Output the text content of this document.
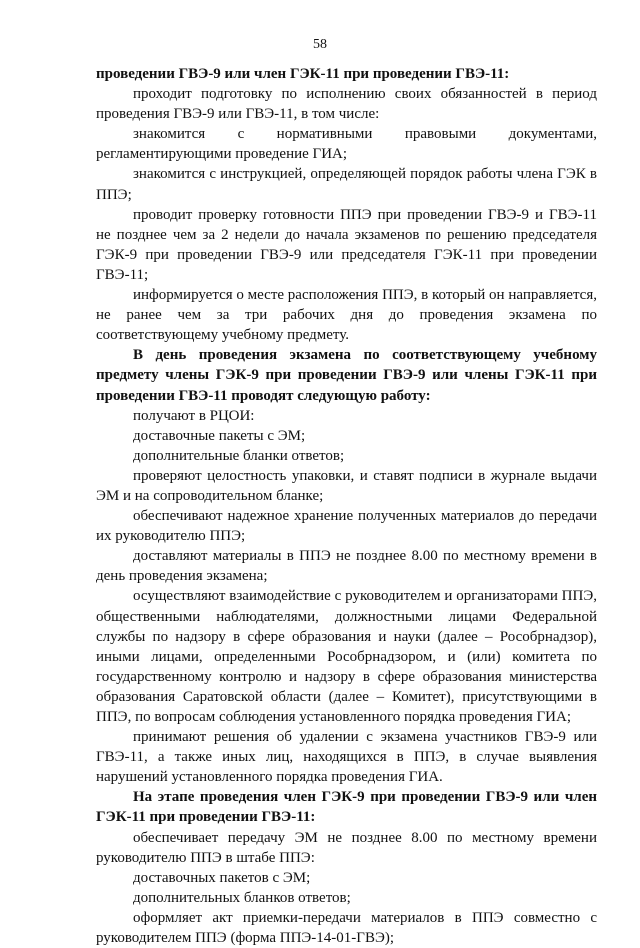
58

проведении ГВЭ-9 или член ГЭК-11 при проведении ГВЭ-11:

проходит подготовку по исполнению своих обязанностей в период проведения ГВЭ-9 или ГВЭ-11, в том числе:

знакомится с нормативными правовыми документами, регламентирующими проведение ГИА;

знакомится с инструкцией, определяющей порядок работы члена ГЭК в ППЭ;

проводит проверку готовности ППЭ при проведении ГВЭ-9 и ГВЭ-11 не позднее чем за 2 недели до начала экзаменов по решению председателя ГЭК-9 при проведении ГВЭ-9 или председателя ГЭК-11 при проведении ГВЭ-11;

информируется о месте расположения ППЭ, в который он направляется, не ранее чем за три рабочих дня до проведения экзамена по соответствующему учебному предмету.

В день проведения экзамена по соответствующему учебному предмету члены ГЭК-9 при проведении ГВЭ-9 или члены ГЭК-11 при проведении ГВЭ-11 проводят следующую работу:

получают в РЦОИ:

доставочные пакеты с ЭМ;

дополнительные бланки ответов;

проверяют целостность упаковки, и ставят подписи в журнале выдачи ЭМ и на сопроводительном бланке;

обеспечивают надежное хранение полученных материалов до передачи их руководителю ППЭ;

доставляют материалы в ППЭ не позднее 8.00 по местному времени в день проведения экзамена;

осуществляют взаимодействие с руководителем и организаторами ППЭ, общественными наблюдателями, должностными лицами Федеральной службы по надзору в сфере образования и науки (далее – Рособрнадзор), иными лицами, определенными Рособрнадзором, и (или) комитета по государственному контролю и надзору в сфере образования министерства образования Саратовской области (далее – Комитет), присутствующими в ППЭ, по вопросам соблюдения установленного порядка проведения ГИА;

принимают решения об удалении с экзамена участников ГВЭ-9 или ГВЭ-11, а также иных лиц, находящихся в ППЭ, в случае выявления нарушений установленного порядка проведения ГИА.

На этапе проведения член ГЭК-9 при проведении ГВЭ-9 или член ГЭК-11 при проведении ГВЭ-11:

обеспечивает передачу ЭМ не позднее 8.00 по местному времени руководителю ППЭ в штабе ППЭ:

доставочных пакетов с ЭМ;

дополнительных бланков ответов;

оформляет акт приемки-передачи материалов в ППЭ совместно с руководителем ППЭ (форма ППЭ-14-01-ГВЭ);
